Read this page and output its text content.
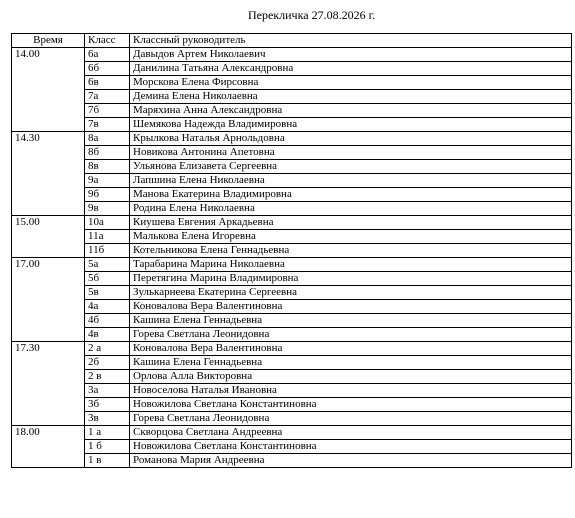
Перекличка 27.08.2026 г.
Время	Класс	Классный руководитель
14.00	6а	Давыдов Артем Николаевич
	6б	Данилина Татьяна Александровна
	6в	Морскова Елена Фирсовна
	7а	Демина Елена Николаевна
	7б	Маряхина Анна Александровна
	7в	Шемякова Надежда Владимировна
14.30	8а	Крылкова Наталья Арнольдовна
	8б	Новикова Антонина Апетовна
	8в	Ульянова Елизавета Сергеевна
	9а	Лапшина Елена Николаевна
	9б	Манова Екатерина Владимировна
	9в	Родина Елена Николаевна
15.00	10а	Киушева Евгения Аркадьевна
	11а	Малькова Елена Игоревна
	11б	Котельникова Елена Геннадьевна
17.00	5а	Тарабарина Марина Николаевна
	5б	Перетягина Марина Владимировна
	5в	Зулькарнеева Екатерина Сергеевна
	4а	Коновалова Вера Валентиновна
	4б	Кашина Елена Геннадьевна
	4в	Горева Светлана Леонидовна
17.30	2 а	Коновалова Вера Валентиновна
	2б	Кашина Елена Геннадьевна
	2 в	Орлова Алла Викторовна
	3а	Новоселова Наталья Ивановна
	3б	Новожилова Светлана Константиновна
	3в	Горева Светлана Леонидовна
18.00	1 а	Скворцова Светлана Андреевна
	1 б	Новожилова Светлана Константиновна
	1 в	Романова Мария Андреевна
